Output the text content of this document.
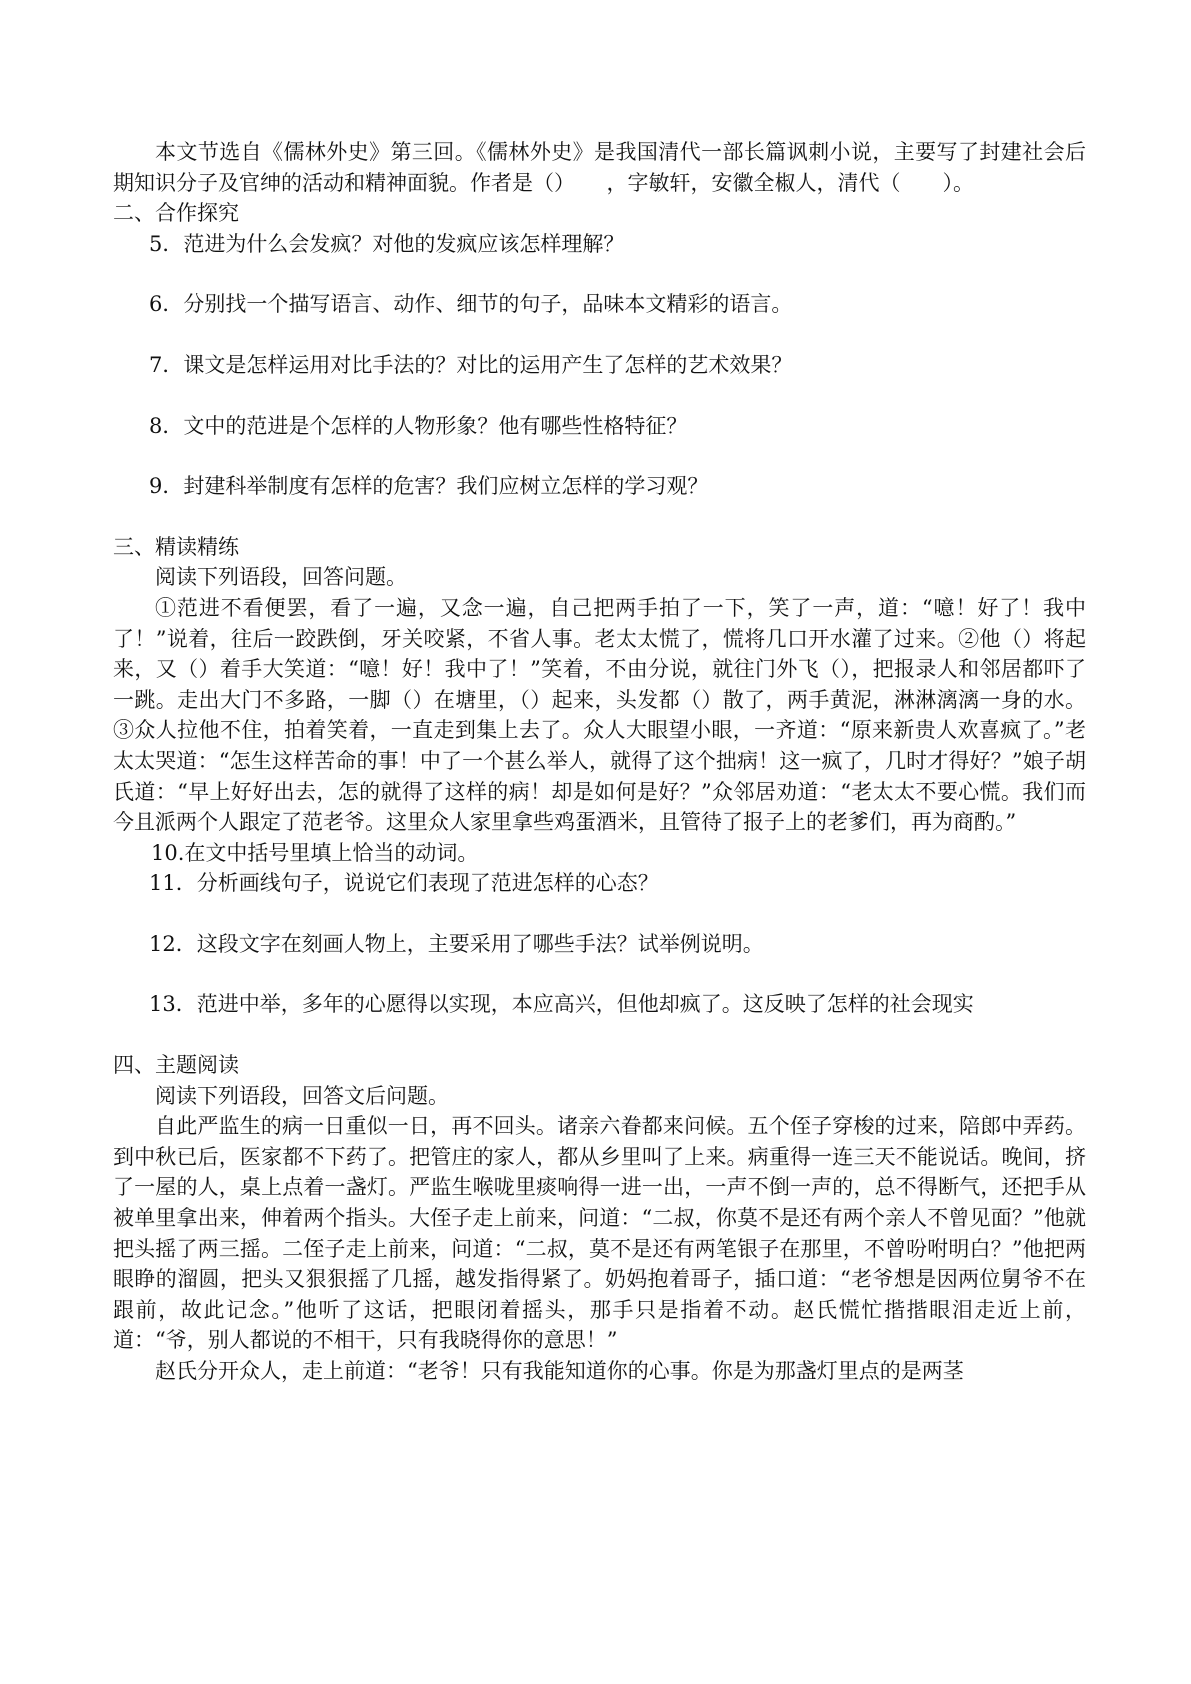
本文节选自《儒林外史》第三回。《儒林外史》是我国清代一部长篇讽刺小说，主要写了封建社会后期知识分子及官绅的活动和精神面貌。作者是（）　　，字敏轩，安徽全椒人，清代（　　）。

二、合作探究

5．范进为什么会发疯？对他的发疯应该怎样理解？

6．分别找一个描写语言、动作、细节的句子，品味本文精彩的语言。

7．课文是怎样运用对比手法的？对比的运用产生了怎样的艺术效果？

8．文中的范进是个怎样的人物形象？他有哪些性格特征？

9．封建科举制度有怎样的危害？我们应树立怎样的学习观？

三、精读精练

阅读下列语段，回答问题。

①范进不看便罢，看了一遍，又念一遍，自己把两手拍了一下，笑了一声，道：“噫！好了！我中了！”说着，往后一跤跌倒，牙关咬紧，不省人事。老太太慌了，慌将几口开水灌了过来。②他（）将起来，又（）着手大笑道：“噫！好！我中了！”笑着，不由分说，就往门外飞（），把报录人和邻居都吓了一跳。走出大门不多路，一脚（）在塘里，（）起来，头发都（）散了，两手黄泥，淋淋漓漓一身的水。③众人拉他不住，拍着笑着，一直走到集上去了。众人大眼望小眼，一齐道：“原来新贵人欢喜疯了。”老太太哭道：“怎生这样苦命的事！中了一个甚么举人，就得了这个拙病！这一疯了，几时才得好？”娘子胡氏道：“早上好好出去，怎的就得了这样的病！却是如何是好？”众邻居劝道：“老太太不要心慌。我们而今且派两个人跟定了范老爷。这里众人家里拿些鸡蛋酒米，且管待了报子上的老爹们，再为商酌。”

10.在文中括号里填上恰当的动词。

11．分析画线句子，说说它们表现了范进怎样的心态？

12．这段文字在刻画人物上，主要采用了哪些手法？试举例说明。

13．范进中举，多年的心愿得以实现，本应高兴，但他却疯了。这反映了怎样的社会现实

四、主题阅读

阅读下列语段，回答文后问题。

自此严监生的病一日重似一日，再不回头。诸亲六眷都来问候。五个侄子穿梭的过来，陪郎中弄药。到中秋已后，医家都不下药了。把管庄的家人，都从乡里叫了上来。病重得一连三天不能说话。晚间，挤了一屋的人，桌上点着一盏灯。严监生喉咙里痰响得一进一出，一声不倒一声的，总不得断气，还把手从被单里拿出来，伸着两个指头。大侄子走上前来，问道：“二叔，你莫不是还有两个亲人不曾见面？”他就把头摇了两三摇。二侄子走上前来，问道：“二叔，莫不是还有两笔银子在那里，不曾吩咐明白？”他把两眼睁的溜圆，把头又狠狠摇了几摇，越发指得紧了。奶妈抱着哥子，插口道：“老爷想是因两位舅爷不在跟前，故此记念。”他听了这话，把眼闭着摇头，那手只是指着不动。赵氏慌忙揩揩眼泪走近上前，道：“爷，别人都说的不相干，只有我晓得你的意思！”

赵氏分开众人，走上前道：“老爷！只有我能知道你的心事。你是为那盏灯里点的是两茎
